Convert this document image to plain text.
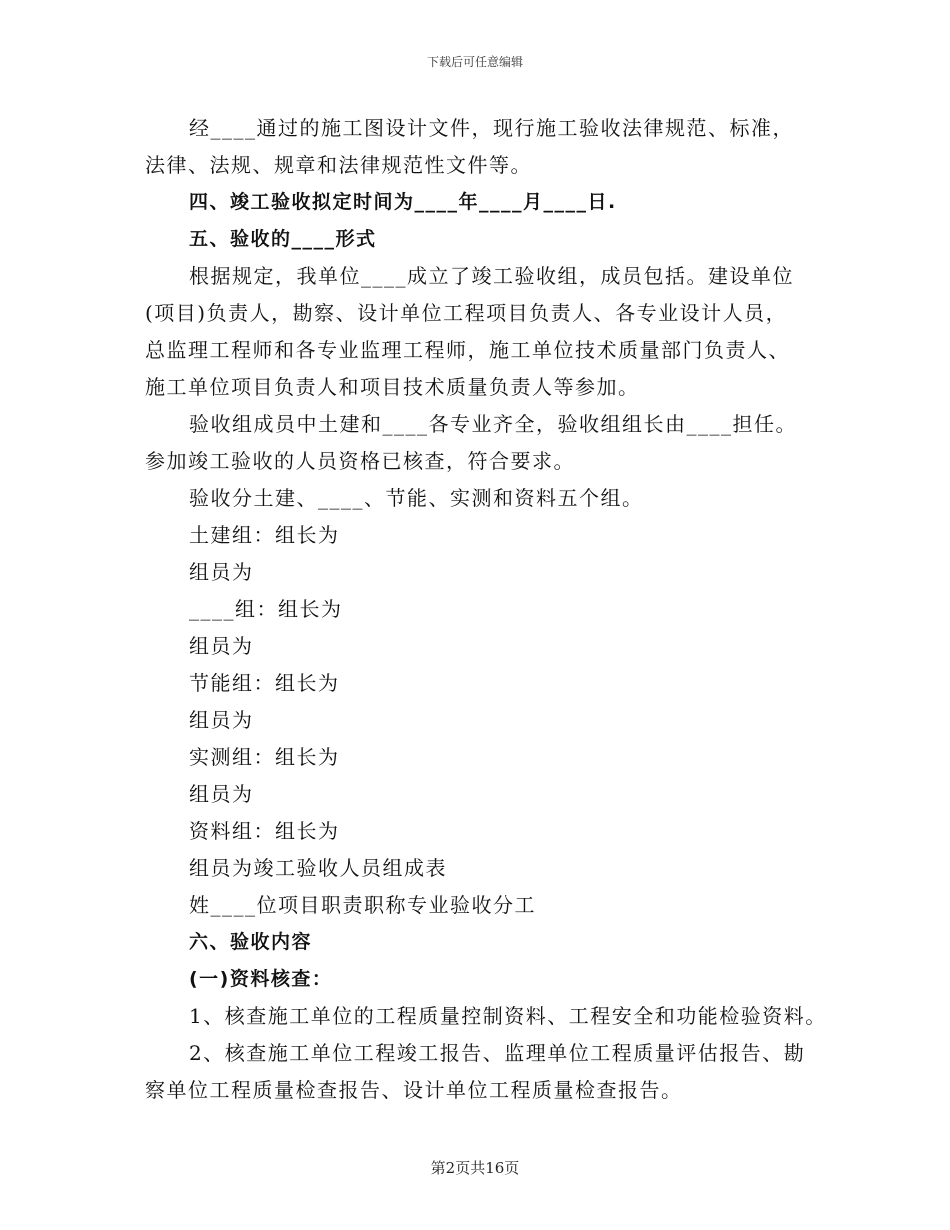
下载后可任意编辑

经____通过的施工图设计文件，现行施工验收法律规范、标准，

法律、法规、规章和法律规范性文件等。

四、竣工验收拟定时间为____年____月____日.

五、验收的____形式

根据规定，我单位____成立了竣工验收组，成员包括。建设单位

(项目)负责人，勘察、设计单位工程项目负责人、各专业设计人员，

总监理工程师和各专业监理工程师，施工单位技术质量部门负责人、

施工单位项目负责人和项目技术质量负责人等参加。

验收组成员中土建和____各专业齐全，验收组组长由____担任。

参加竣工验收的人员资格已核查，符合要求。

验收分土建、____、节能、实测和资料五个组。

土建组：组长为

组员为

____组：组长为

组员为

节能组：组长为

组员为

实测组：组长为

组员为

资料组：组长为

组员为竣工验收人员组成表

姓____位项目职责职称专业验收分工

六、验收内容

(一)资料核查：

1、核查施工单位的工程质量控制资料、工程安全和功能检验资料。

2、核查施工单位工程竣工报告、监理单位工程质量评估报告、勘

察单位工程质量检查报告、设计单位工程质量检查报告。

第2页共16页
